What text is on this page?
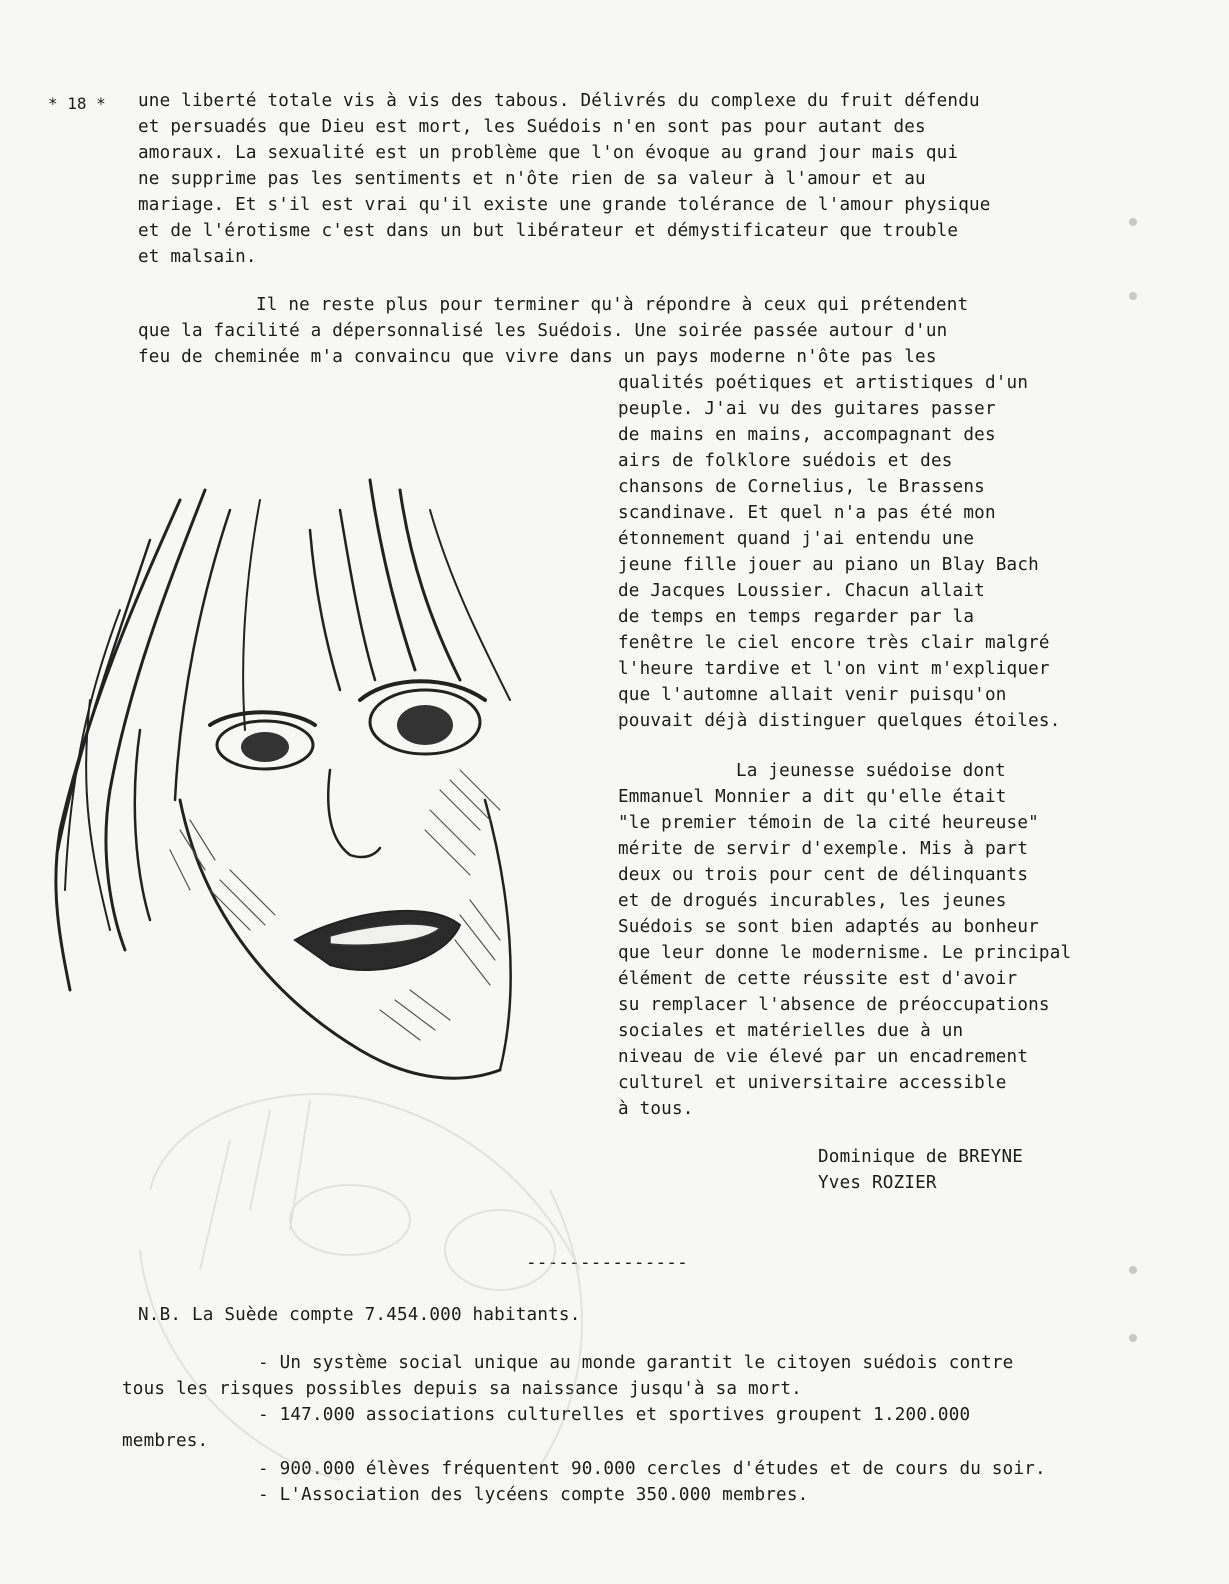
* 18 * une liberté totale vis à vis des tabous. Délivrés du complexe du fruit défendu
et persuadés que Dieu est mort, les Suédois n'en sont pas pour autant des
amoraux. La sexualité est un problème que l'on évoque au grand jour mais qui
ne supprime pas les sentiments et n'ôte rien de sa valeur à l'amour et au
mariage. Et s'il est vrai qu'il existe une grande tolérance de l'amour physique
et de l'érotisme c'est dans un but libérateur et démystificateur que trouble
et malsain.
Il ne reste plus pour terminer qu'à répondre à ceux qui prétendent
que la facilité a dépersonnalisé les Suédois. Une soirée passée autour d'un
feu de cheminée m'a convaincu que vivre dans un pays moderne n'ôte pas les
qualités poétiques et artistiques d'un
peuple. J'ai vu des guitares passer
de mains en mains, accompagnant des
airs de folklore suédois et des
chansons de Cornelius, le Brassens
scandinave. Et quel n'a pas été mon
étonnement quand j'ai entendu une
jeune fille jouer au piano un Blay Bach
de Jacques Loussier. Chacun allait
de temps en temps regarder par la
fenêtre le ciel encore très clair malgré
l'heure tardive et l'on vint m'expliquer
que l'automne allait venir puisqu'on
pouvait déjà distinguer quelques étoiles.
La jeunesse suédoise dont
Emmanuel Monnier a dit qu'elle était
"le premier témoin de la cité heureuse"
mérite de servir d'exemple. Mis à part
deux ou trois pour cent de délinquants
et de drogués incurables, les jeunes
Suédois se sont bien adaptés au bonheur
que leur donne le modernisme. Le principal
élément de cette réussite est d'avoir
su remplacer l'absence de préoccupations
sociales et matérielles due à un
niveau de vie élevé par un encadrement
culturel et universitaire accessible
à tous.
Dominique de BREYNE
Yves ROZIER
---------------
N.B. La Suède compte 7.454.000 habitants.
- Un système social unique au monde garantit le citoyen suédois contre
tous les risques possibles depuis sa naissance jusqu'à sa mort.
- 147.000 associations culturelles et sportives groupent 1.200.000
membres.
- 900.000 élèves fréquentent 90.000 cercles d'études et de cours du soir.
- L'Association des lycéens compte 350.000 membres.
